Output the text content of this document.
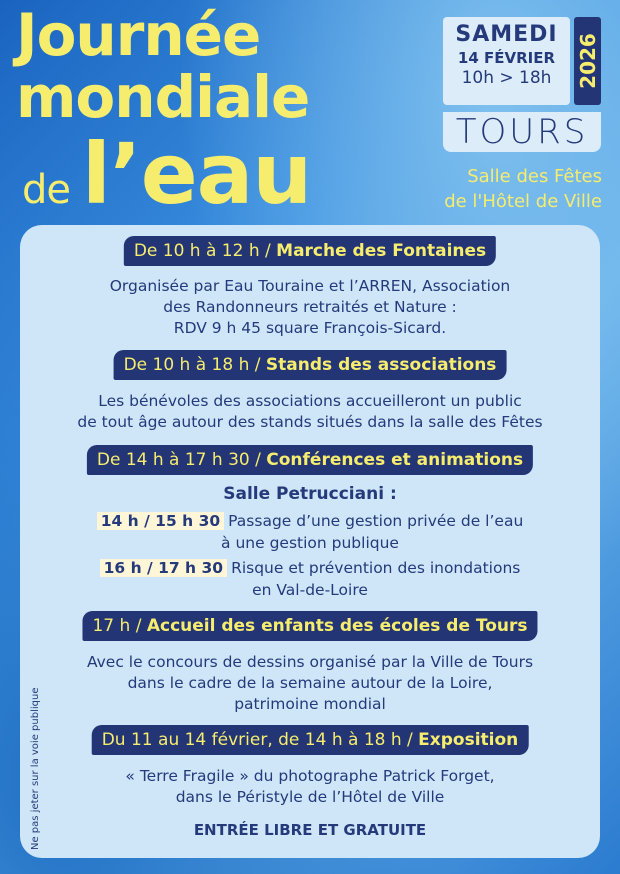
Journée
mondiale
de l’eau
SAMEDI
14 FÉVRIER
10h > 18h	2026
TOURS
Salle des Fêtes
de l'Hôtel de Ville
De 10 h à 12 h / Marche des Fontaines
Organisée par Eau Touraine et l’ARREN, Association
des Randonneurs retraités et Nature :
RDV 9 h 45 square François-Sicard.
De 10 h à 18 h / Stands des associations
Les bénévoles des associations accueilleront un public
de tout âge autour des stands situés dans la salle des Fêtes
De 14 h à 17 h 30 / Conférences et animations
Salle Petrucciani :
14 h / 15 h 30 Passage d’une gestion privée de l’eau
à une gestion publique
16 h / 17 h 30 Risque et prévention des inondations
en Val-de-Loire
17 h / Accueil des enfants des écoles de Tours
Avec le concours de dessins organisé par la Ville de Tours
dans le cadre de la semaine autour de la Loire,
patrimoine mondial
Du 11 au 14 février, de 14 h à 18 h / Exposition
« Terre Fragile » du photographe Patrick Forget,
dans le Péristyle de l’Hôtel de Ville
ENTRÉE LIBRE ET GRATUITE
Ne pas jeter sur la voie publique
